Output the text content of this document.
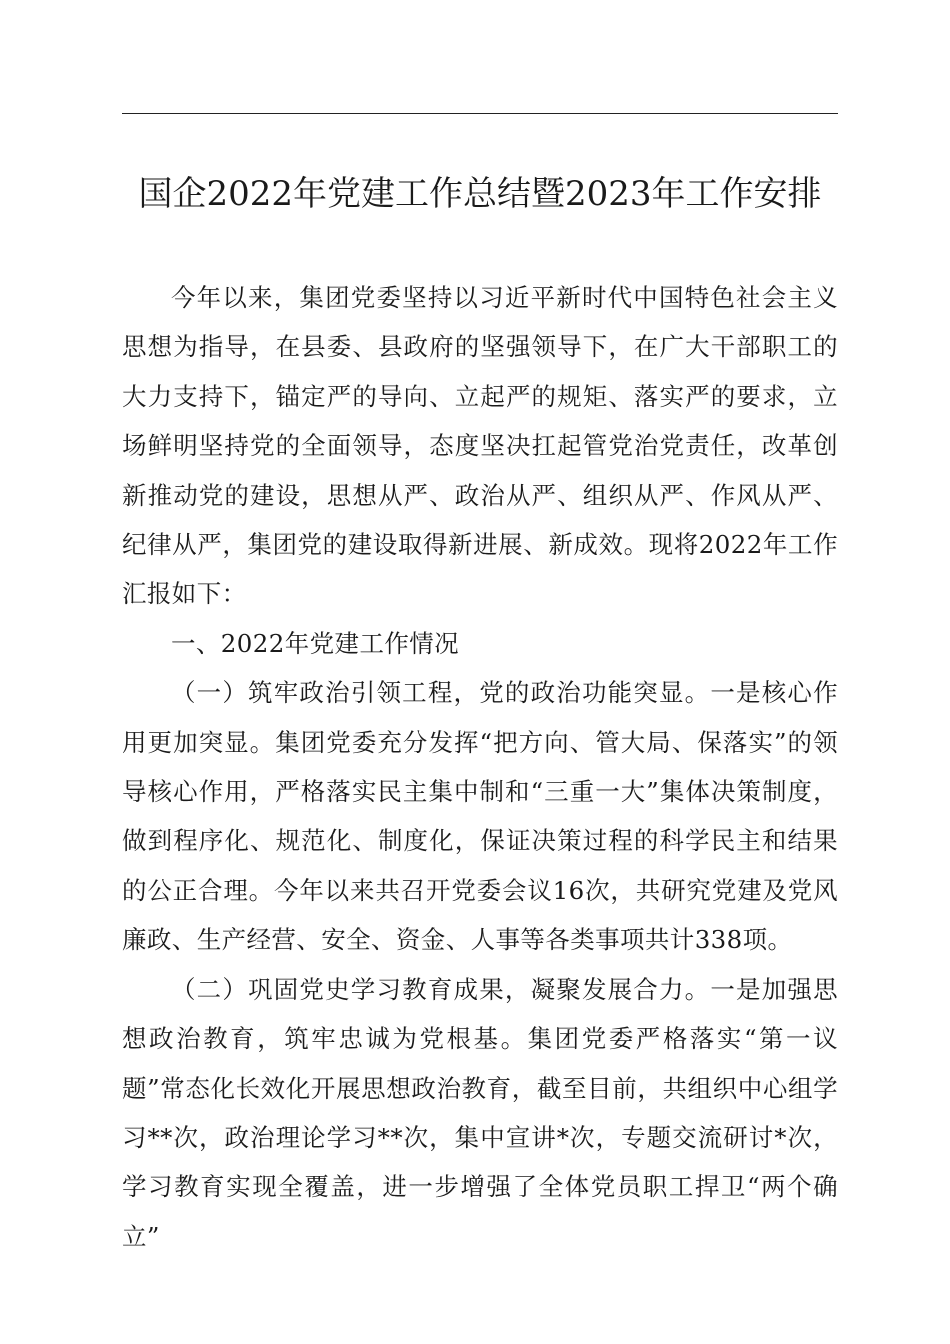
国企2022年党建工作总结暨2023年工作安排

今年以来，集团党委坚持以习近平新时代中国特色社会主义思想为指导，在县委、县政府的坚强领导下，在广大干部职工的大力支持下，锚定严的导向、立起严的规矩、落实严的要求，立场鲜明坚持党的全面领导，态度坚决扛起管党治党责任，改革创新推动党的建设，思想从严、政治从严、组织从严、作风从严、纪律从严，集团党的建设取得新进展、新成效。现将2022年工作汇报如下：

一、2022年党建工作情况

（一）筑牢政治引领工程，党的政治功能突显。一是核心作用更加突显。集团党委充分发挥“把方向、管大局、保落实”的领导核心作用，严格落实民主集中制和“三重一大”集体决策制度，做到程序化、规范化、制度化，保证决策过程的科学民主和结果的公正合理。今年以来共召开党委会议16次，共研究党建及党风廉政、生产经营、安全、资金、人事等各类事项共计338项。

（二）巩固党史学习教育成果，凝聚发展合力。一是加强思想政治教育，筑牢忠诚为党根基。集团党委严格落实“第一议题”常态化长效化开展思想政治教育，截至目前，共组织中心组学习**次，政治理论学习**次，集中宣讲*次，专题交流研讨*次，学习教育实现全覆盖，进一步增强了全体党员职工捍卫“两个确立”
